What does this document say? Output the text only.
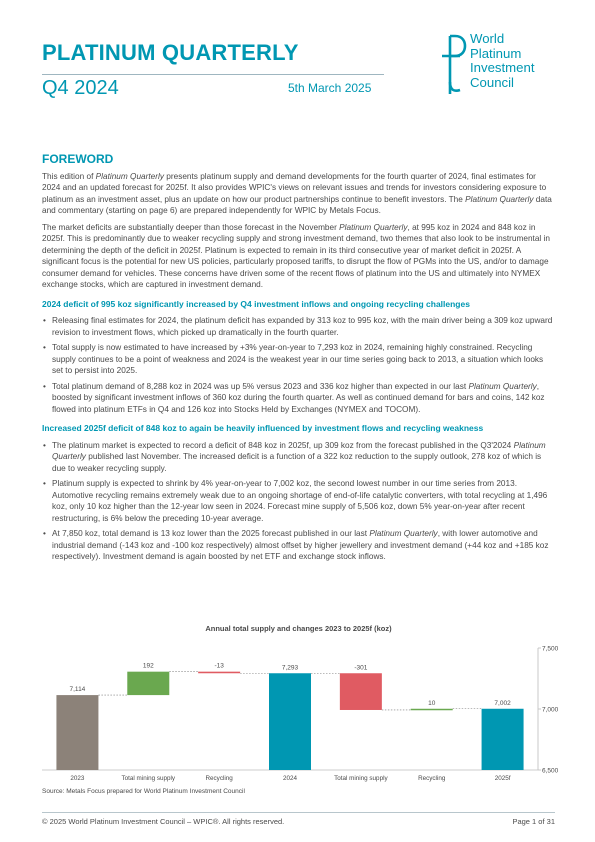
PLATINUM QUARTERLY
Q4 2024	5th March 2025
World
Platinum
Investment
Council
FOREWORD

This edition of Platinum Quarterly presents platinum supply and demand developments for the fourth quarter of 2024, final estimates for 2024 and an updated forecast for 2025f. It also provides WPIC's views on relevant issues and trends for investors considering exposure to platinum as an investment asset, plus an update on how our product partnerships continue to benefit investors. The Platinum Quarterly data and commentary (starting on page 6) are prepared independently for WPIC by Metals Focus.

The market deficits are substantially deeper than those forecast in the November Platinum Quarterly, at 995 koz in 2024 and 848 koz in 2025f. This is predominantly due to weaker recycling supply and strong investment demand, two themes that also look to be instrumental in determining the depth of the deficit in 2025f. Platinum is expected to remain in its third consecutive year of market deficit in 2025f. A significant focus is the potential for new US policies, particularly proposed tariffs, to disrupt the flow of PGMs into the US, and/or to damage consumer demand for vehicles. These concerns have driven some of the recent flows of platinum into the US and ultimately into NYMEX exchange stocks, which are captured in investment demand.

2024 deficit of 995 koz significantly increased by Q4 investment inflows and ongoing recycling challenges
• Releasing final estimates for 2024, the platinum deficit has expanded by 313 koz to 995 koz, with the main driver being a 309 koz upward revision to investment flows, which picked up dramatically in the fourth quarter.
• Total supply is now estimated to have increased by +3% year-on-year to 7,293 koz in 2024, remaining highly constrained. Recycling supply continues to be a point of weakness and 2024 is the weakest year in our time series going back to 2013, a situation which looks set to persist into 2025.
• Total platinum demand of 8,288 koz in 2024 was up 5% versus 2023 and 336 koz higher than expected in our last Platinum Quarterly, boosted by significant investment inflows of 360 koz during the fourth quarter. As well as continued demand for bars and coins, 142 koz flowed into platinum ETFs in Q4 and 126 koz into Stocks Held by Exchanges (NYMEX and TOCOM).
Increased 2025f deficit of 848 koz to again be heavily influenced by investment flows and recycling weakness
• The platinum market is expected to record a deficit of 848 koz in 2025f, up 309 koz from the forecast published in the Q3'2024 Platinum Quarterly published last November. The increased deficit is a function of a 322 koz reduction to the supply outlook, 278 koz of which is due to weaker recycling supply.
• Platinum supply is expected to shrink by 4% year-on-year to 7,002 koz, the second lowest number in our time series from 2013. Automotive recycling remains extremely weak due to an ongoing shortage of end-of-life catalytic converters, with total recycling at 1,496 koz, only 10 koz higher than the 12-year low seen in 2024. Forecast mine supply of 5,506 koz, down 5% year-on-year after recent restructuring, is 6% below the preceding 10-year average.
• At 7,850 koz, total demand is 13 koz lower than the 2025 forecast published in our last Platinum Quarterly, with lower automotive and industrial demand (-143 koz and -100 koz respectively) almost offset by higher jewellery and investment demand (+44 koz and +185 koz respectively). Investment demand is again boosted by net ETF and exchange stock inflows.
Annual total supply and changes 2023 to 2025f (koz)
6,500
7,000
7,500
7,114
2023
192
Total mining supply
-13
Recycling
7,293
2024
-301
Total mining supply
10
Recycling
7,002
2025f
Source: Metals Focus prepared for World Platinum Investment Council
© 2025 World Platinum Investment Council – WPIC®. All rights reserved.	Page 1 of 31
